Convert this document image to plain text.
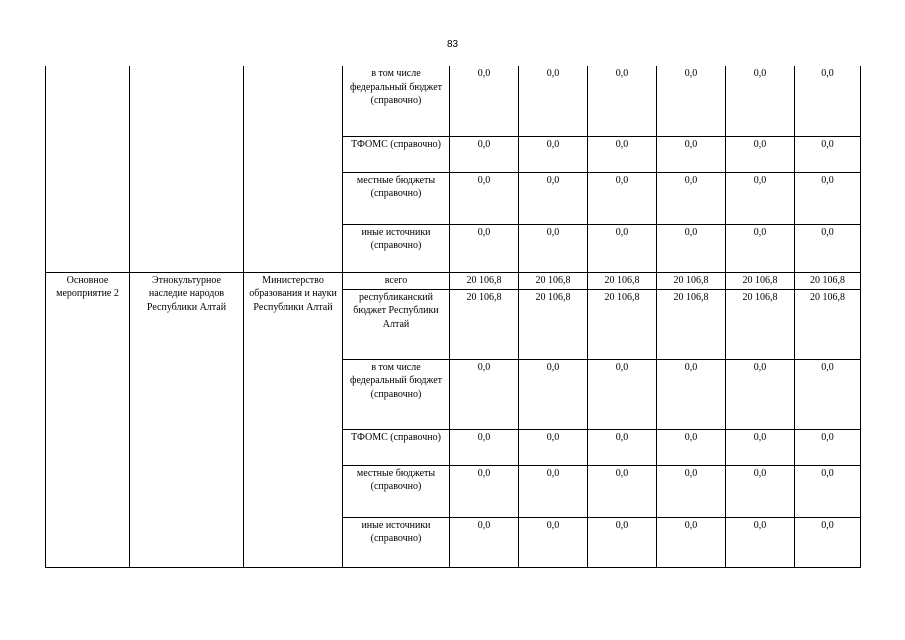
83
			в том числе федеральный бюджет (справочно)	0,0	0,0	0,0	0,0	0,0	0,0
			ТФОМС (справочно)	0,0	0,0	0,0	0,0	0,0	0,0
			местные бюджеты (справочно)	0,0	0,0	0,0	0,0	0,0	0,0
			иные источники (справочно)	0,0	0,0	0,0	0,0	0,0	0,0
Основное мероприятие 2	Этнокультурное наследие народов Республики Алтай	Министерство образования и науки Республики Алтай	всего	20 106,8	20 106,8	20 106,8	20 106,8	20 106,8	20 106,8
			республиканский бюджет Республики Алтай	20 106,8	20 106,8	20 106,8	20 106,8	20 106,8	20 106,8
			в том числе федеральный бюджет (справочно)	0,0	0,0	0,0	0,0	0,0	0,0
			ТФОМС (справочно)	0,0	0,0	0,0	0,0	0,0	0,0
			местные бюджеты (справочно)	0,0	0,0	0,0	0,0	0,0	0,0
			иные источники (справочно)	0,0	0,0	0,0	0,0	0,0	0,0
